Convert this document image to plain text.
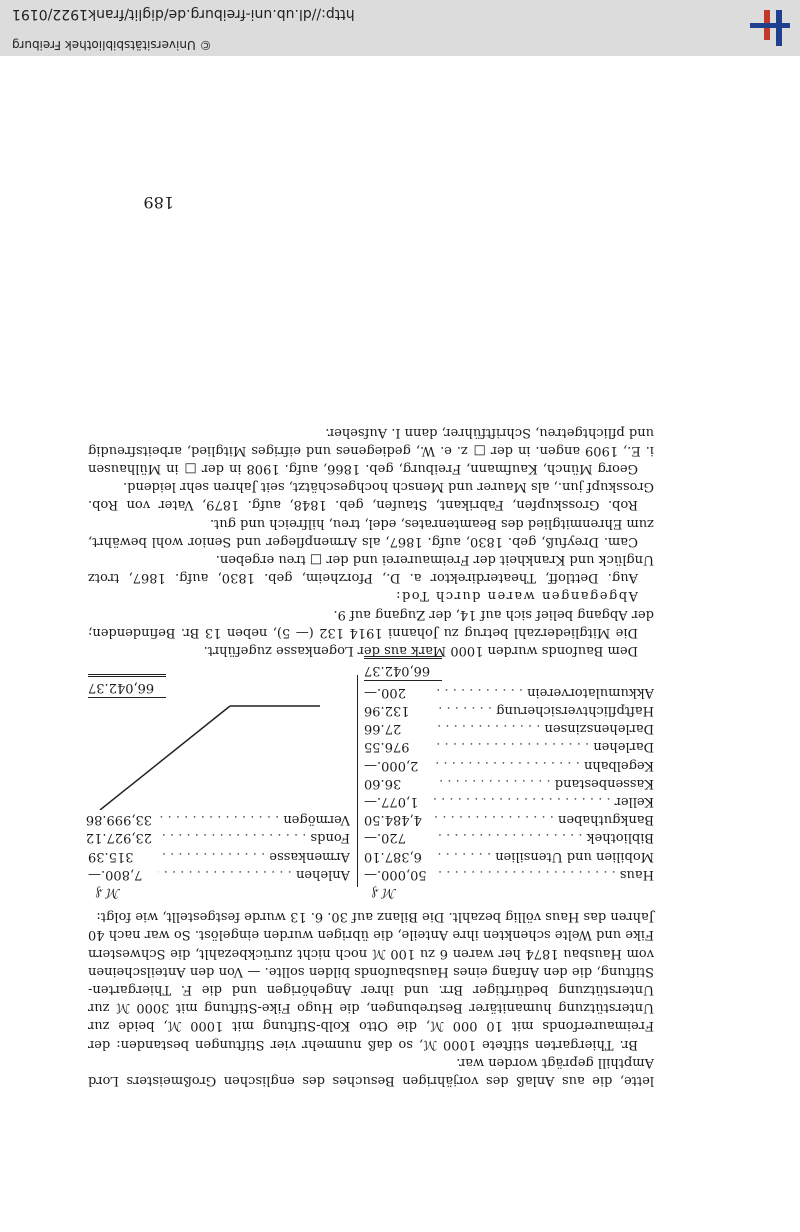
http://dl.ub.uni-freiburg.de/diglit/frank1922/0191
© Universitätsbibliothek Freiburg

lette, die aus Anlaß des vorjährigen Besuches des englischen Großmeisters Lord Ampthill geprägt worden war.

Br. Thiergarten stiftete 1000 ℳ, so daß nunmehr vier Stiftungen bestanden: der Freimaurerfonds mit 10 000 ℳ, die Otto Kolb-Stiftung mit 1000 ℳ, beide zur Unterstützung humanitärer Bestrebungen, die Hugo Fike-Stiftung mit 3000 ℳ zur Unterstützung bedürftiger Brr. und ihrer Angehörigen und die F. Thiergarten-Stiftung, die den Anfang eines Hausbaufonds bilden sollte. — Von den Anteilscheinen vom Hausbau 1874 her waren 6 zu 100 ℳ noch nicht zurückbezahlt, die Schwestern Fike und Welte schenkten ihre Anteile, die übrigen wurden eingelöst. So war nach 40 Jahren das Haus völlig bezahlt. Die Bilanz auf 30. 6. 13 wurde festgestellt, wie folgt:

ℳ ₰
Haus . . .
50,000.—
Mobilien und Utensilien . . .
6,387.10
Bibliothek . . .
720.—
Bankguthaben . . .
4,484.50
Keller . . .
1,077.—
Kassenbestand . . .
36.60
Kegelbahn . . .
2,000.—
Darlehen . . .
976.55
Darlehenszinsen . . .
27.66
Haftpflichtversicherung . . .
132.96
Akkumulatorverein . . .
200.—
66,042.37
ℳ ₰
Anlehen . . .
7,800.—
Armenkasse . . .
315.39
Fonds . . .
23,927.12
Vermögen . . .
33,999.86
66,042.37

Dem Baufonds wurden 1000 Mark aus der Logenkasse zugeführt.

Die Mitgliederzahl betrug zu Johanni 1914 132 (— 5), neben 13 Br. Befindenden; der Abgang belief sich auf 14, der Zugang auf 9.

Abgegangen waren durch Tod:

Aug. Dettloff, Theaterdirektor a. D., Pforzheim, geb. 1830, aufg. 1867, trotz Unglück und Krankheit der Freimaurerei und der □ treu ergeben.

Cam. Dreyfuß, geb. 1830, aufg. 1867, als Armenpfleger und Senior wohl bewährt, zum Ehrenmitglied des Beamtenrates, edel, treu, hilfreich und gut.

Rob. Grosskupfen, Fabrikant, Staufen, geb. 1848, aufg. 1879, Vater von Rob. Grosskupf jun., als Maurer und Mensch hochgeschätzt, seit Jahren sehr leidend.

Georg Münch, Kaufmann, Freiburg, geb. 1866, aufg. 1908 in der □ in Mülhausen i. E., 1909 angen. in der □ z. e. W., gediegenes und eifriges Mitglied, arbeitsfreudig und pflichtgetreu, Schriftführer, dann I. Aufseher.

189
